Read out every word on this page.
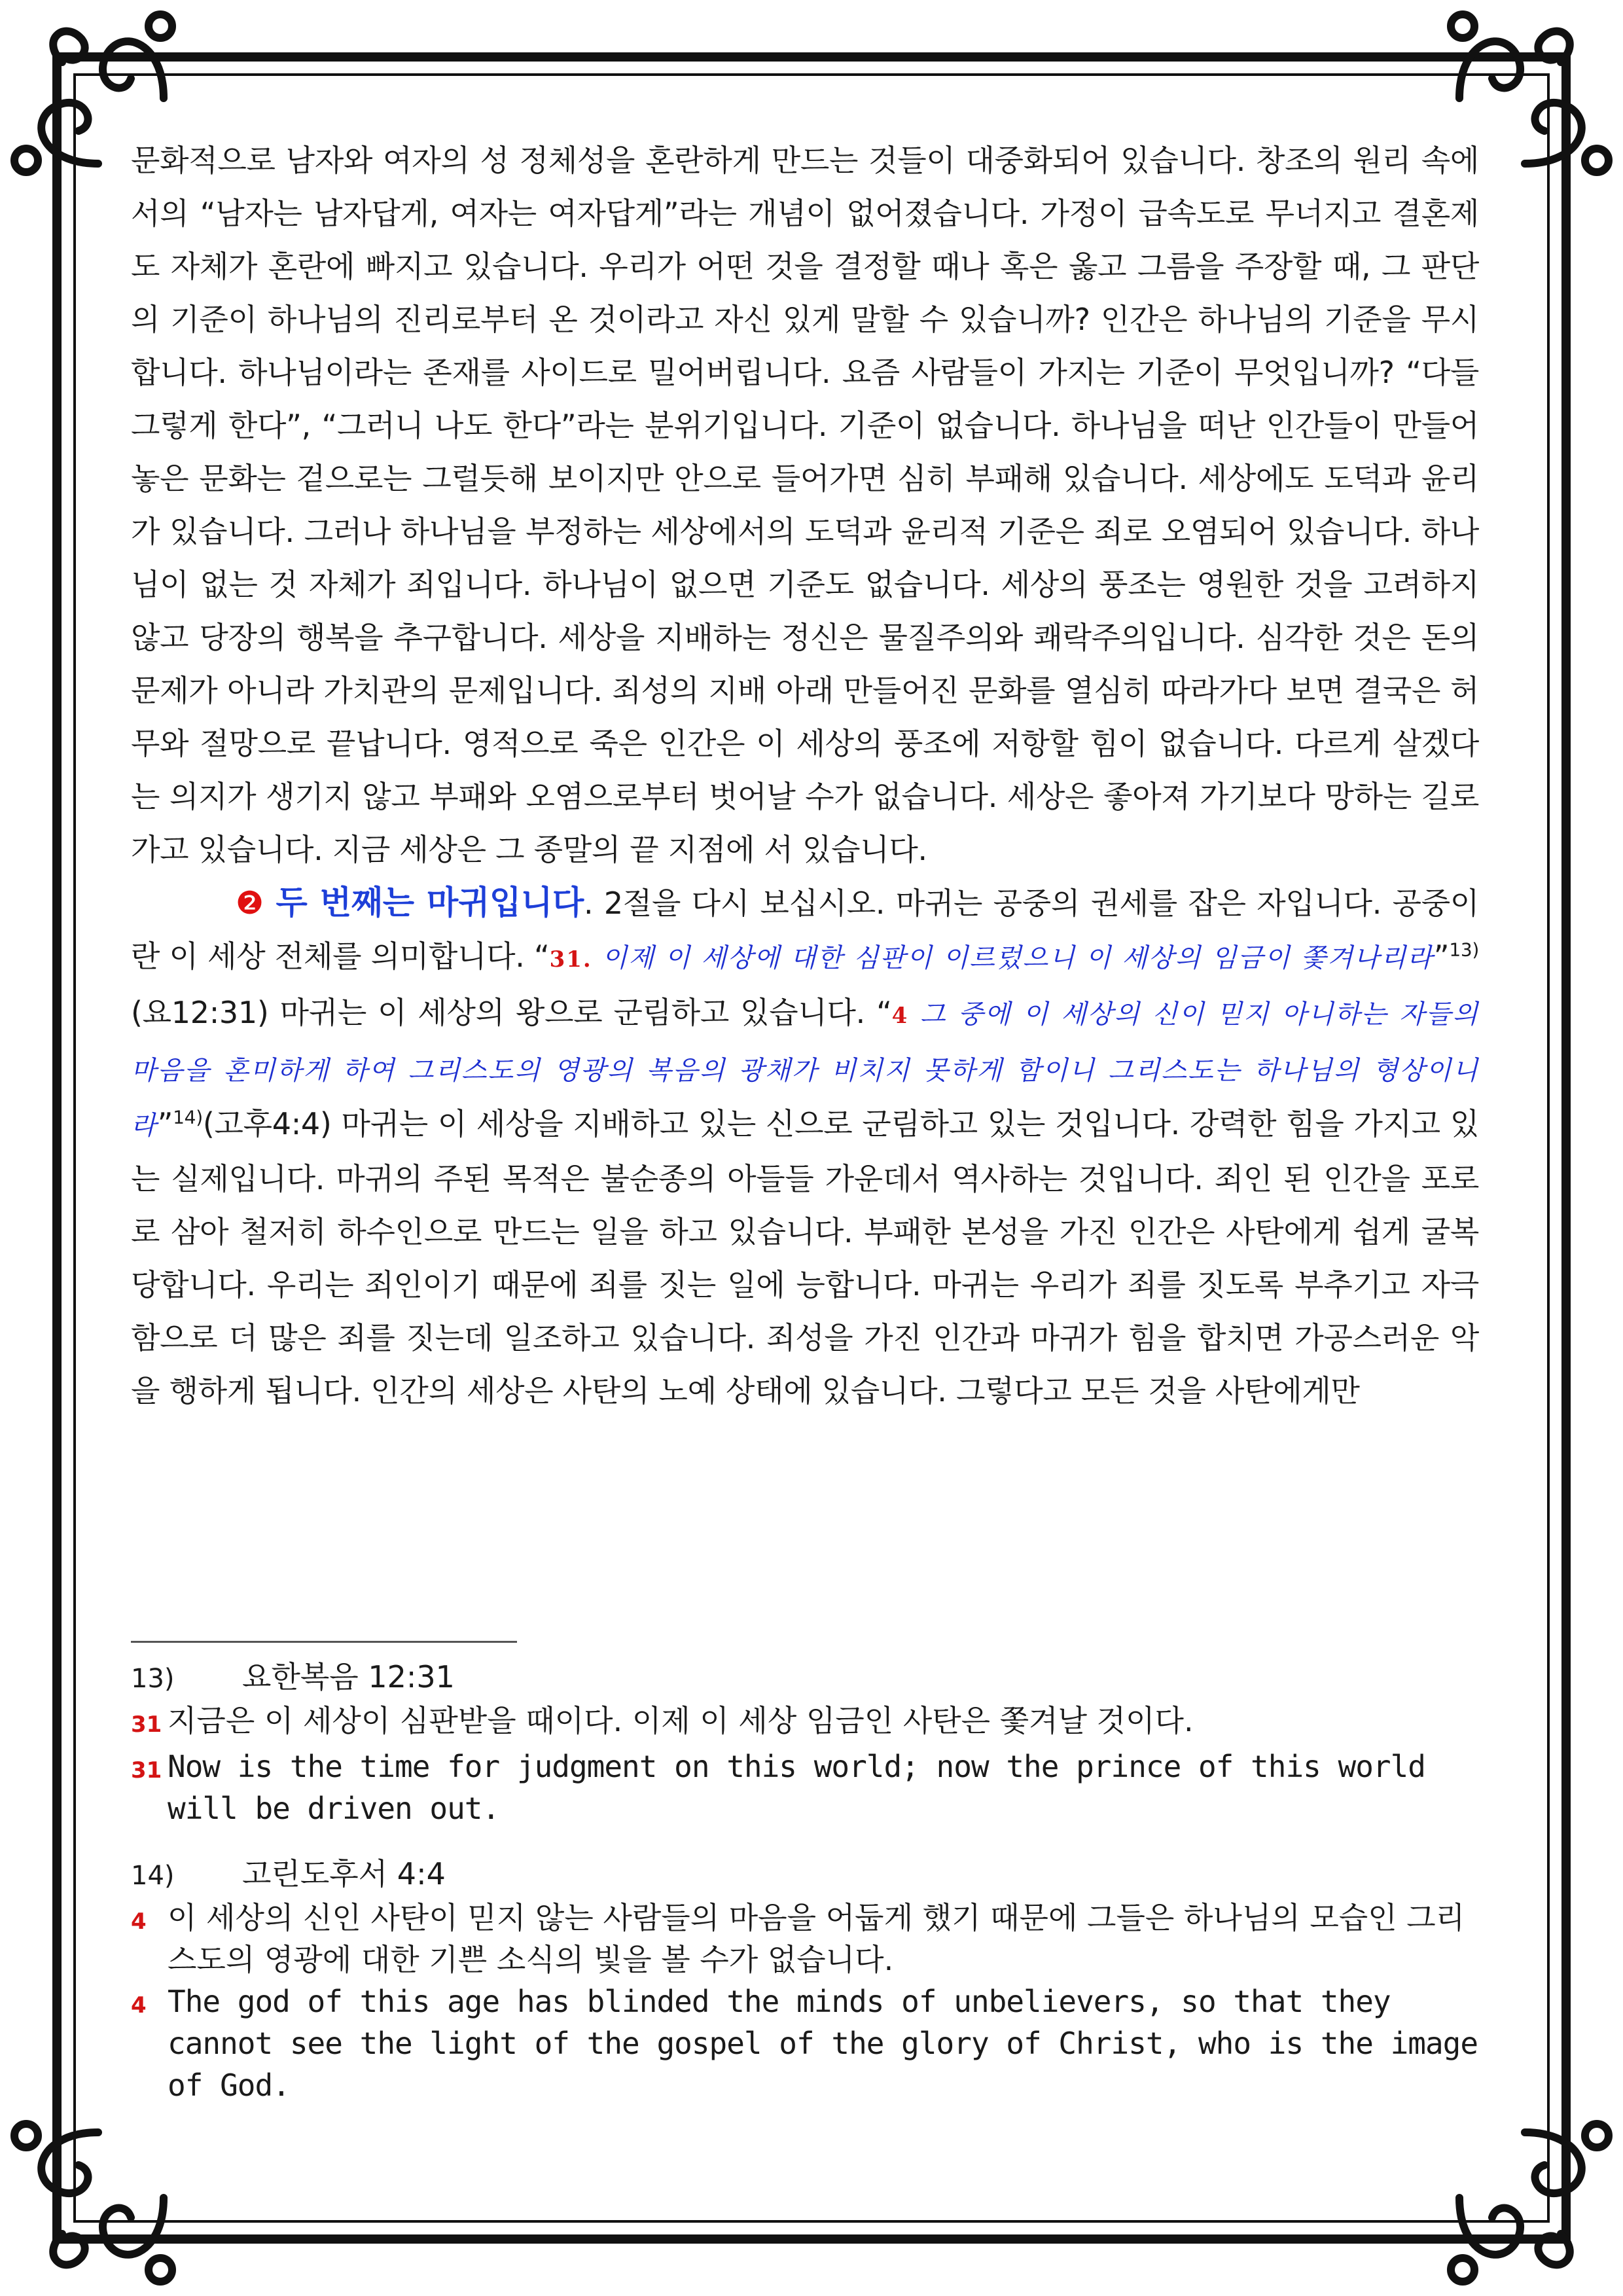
문화적으로 남자와 여자의 성 정체성을 혼란하게 만드는 것들이 대중화되어 있습니다. 창조의 원리 속에서의 “남자는 남자답게, 여자는 여자답게”라는 개념이 없어졌습니다. 가정이 급속도로 무너지고 결혼제도 자체가 혼란에 빠지고 있습니다. 우리가 어떤 것을 결정할 때나 혹은 옳고 그름을 주장할 때, 그 판단의 기준이 하나님의 진리로부터 온 것이라고 자신 있게 말할 수 있습니까? 인간은 하나님의 기준을 무시합니다. 하나님이라는 존재를 사이드로 밀어버립니다. 요즘 사람들이 가지는 기준이 무엇입니까? “다들 그렇게 한다”, “그러니 나도 한다”라는 분위기입니다. 기준이 없습니다. 하나님을 떠난 인간들이 만들어 놓은 문화는 겉으로는 그럴듯해 보이지만 안으로 들어가면 심히 부패해 있습니다. 세상에도 도덕과 윤리가 있습니다. 그러나 하나님을 부정하는 세상에서의 도덕과 윤리적 기준은 죄로 오염되어 있습니다. 하나님이 없는 것 자체가 죄입니다. 하나님이 없으면 기준도 없습니다. 세상의 풍조는 영원한 것을 고려하지 않고 당장의 행복을 추구합니다. 세상을 지배하는 정신은 물질주의와 쾌락주의입니다. 심각한 것은 돈의 문제가 아니라 가치관의 문제입니다. 죄성의 지배 아래 만들어진 문화를 열심히 따라가다 보면 결국은 허무와 절망으로 끝납니다. 영적으로 죽은 인간은 이 세상의 풍조에 저항할 힘이 없습니다. 다르게 살겠다는 의지가 생기지 않고 부패와 오염으로부터 벗어날 수가 없습니다. 세상은 좋아져 가기보다 망하는 길로 가고 있습니다. 지금 세상은 그 종말의 끝 지점에 서 있습니다.

❷ 두 번째는 마귀입니다. 2절을 다시 보십시오. 마귀는 공중의 권세를 잡은 자입니다. 공중이란 이 세상 전체를 의미합니다. “31. 이제 이 세상에 대한 심판이 이르렀으니 이 세상의 임금이 쫓겨나리라”$^{13)}$(요12:31) 마귀는 이 세상의 왕으로 군림하고 있습니다. “4 그 중에 이 세상의 신이 믿지 아니하는 자들의 마음을 혼미하게 하여 그리스도의 영광의 복음의 광채가 비치지 못하게 함이니 그리스도는 하나님의 형상이니라”$^{14)}$(고후4:4) 마귀는 이 세상을 지배하고 있는 신으로 군림하고 있는 것입니다. 강력한 힘을 가지고 있는 실제입니다. 마귀의 주된 목적은 불순종의 아들들 가운데서 역사하는 것입니다. 죄인 된 인간을 포로로 삼아 철저히 하수인으로 만드는 일을 하고 있습니다. 부패한 본성을 가진 인간은 사탄에게 쉽게 굴복당합니다. 우리는 죄인이기 때문에 죄를 짓는 일에 능합니다. 마귀는 우리가 죄를 짓도록 부추기고 자극함으로 더 많은 죄를 짓는데 일조하고 있습니다. 죄성을 가진 인간과 마귀가 힘을 합치면 가공스러운 악을 행하게 됩니다. 인간의 세상은 사탄의 노예 상태에 있습니다. 그렇다고 모든 것을 사탄에게만

13)	요한복음 12:31
31 지금은 이 세상이 심판받을 때이다. 이제 이 세상 임금인 사탄은 쫓겨날 것이다.
31 Now is the time for judgment on this world; now the prince of this world will be driven out.
14)	고린도후서 4:4
4 이 세상의 신인 사탄이 믿지 않는 사람들의 마음을 어둡게 했기 때문에 그들은 하나님의 모습인 그리스도의 영광에 대한 기쁜 소식의 빛을 볼 수가 없습니다.
4 The god of this age has blinded the minds of unbelievers, so that they cannot see the light of the gospel of the glory of Christ, who is the image of God.
